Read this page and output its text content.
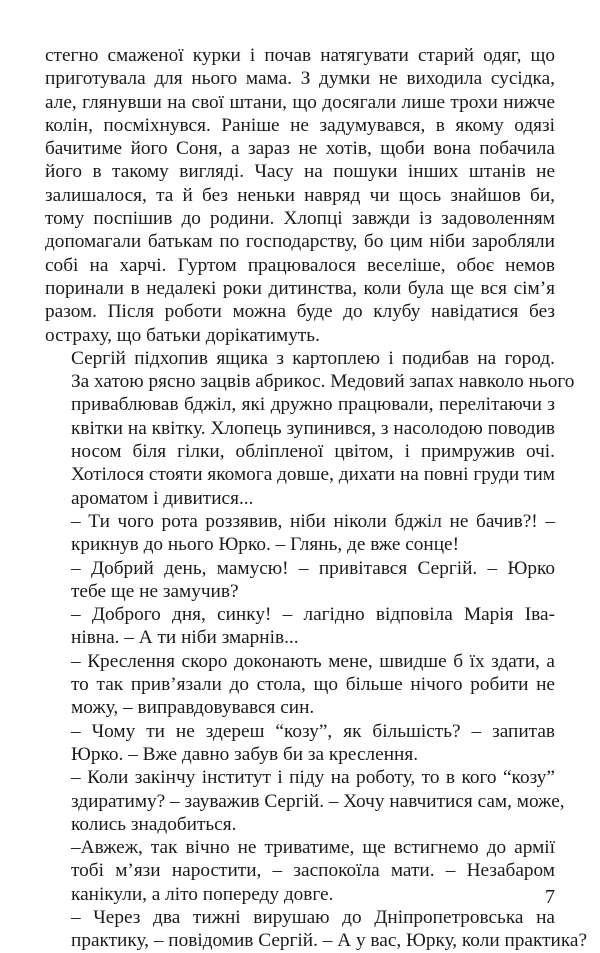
стегно смаженої курки і почав натягувати старий одяг, що
приготувала для нього мама. З думки не виходила сусідка,
але, глянувши на свої штани, що досягали лише трохи нижче
колін, посміхнувся. Раніше не задумувався, в якому одязі
бачитиме його Соня, а зараз не хотів, щоби вона побачила
його в такому вигляді. Часу на пошуки інших штанів не
залишалося, та й без неньки навряд чи щось знайшов би,
тому поспішив до родини. Хлопці завжди із задоволенням
допомагали батькам по господарству, бо цим ніби заробляли
собі на харчі. Гуртом працювалося веселіше, обоє немов
поринали в недалекі роки дитинства, коли була ще вся сім’я
разом. Після роботи можна буде до клубу навідатися без
остраху, що батьки дорікатимуть.
Сергій підхопив ящика з картоплею і подибав на город.
За хатою рясно зацвів абрикос. Медовий запах навколо нього
приваблював бджіл, які дружно працювали, перелітаючи з
квітки на квітку. Хлопець зупинився, з насолодою поводив
носом біля гілки, обліпленої цвітом, і примружив очі.
Хотілося стояти якомога довше, дихати на повні груди тим
ароматом і дивитися...
– Ти чого рота роззявив, ніби ніколи бджіл не бачив?! –
крикнув до нього Юрко. – Глянь, де вже сонце!
– Добрий день, мамусю! – привітався Сергій. – Юрко
тебе ще не замучив?
– Доброго дня, синку! – лагідно відповіла Марія Іва-
нівна. – А ти ніби змарнів...
– Креслення скоро доконають мене, швидше б їх здати, а
то так прив’язали до стола, що більше нічого робити не
можу, – виправдовувався син.
– Чому ти не здереш “козу”, як більшість? – запитав
Юрко. – Вже давно забув би за креслення.
– Коли закінчу інститут і піду на роботу, то в кого “козу”
здиратиму? – зауважив Сергій. – Хочу навчитися сам, може,
колись знадобиться.
–Авжеж, так вічно не триватиме, ще встигнемо до армії
тобі м’язи наростити, – заспокоїла мати. – Незабаром
канікули, а літо попереду довге.
– Через два тижні вирушаю до Дніпропетровська на
практику, – повідомив Сергій. – А у вас, Юрку, коли практика?
7
